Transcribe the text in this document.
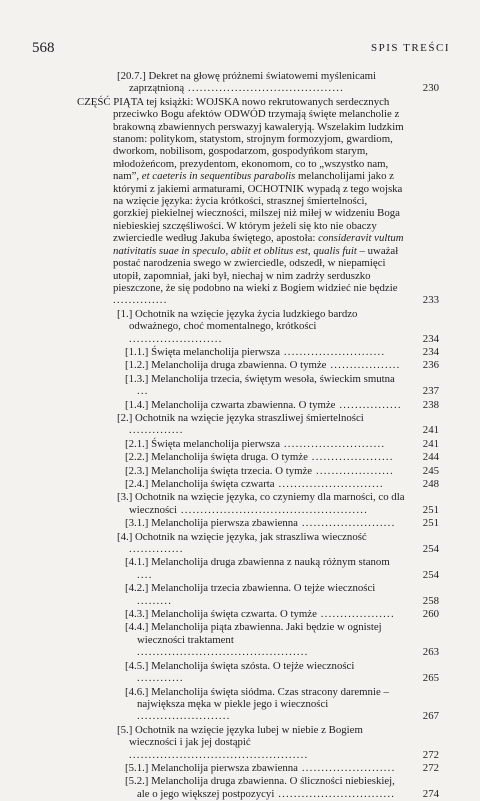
568	SPIS TREŚCI
[20.7.] Dekret na głowę próżnemi światowemi myślenicami zaprzątnioną ........................................	230
CZĘŚĆ PIĄTA tej książki: WOJSKA nowo rekrutowanych serdecznych przeciwko Bogu afektów ODWÓD trzymają święte melancholie z brakowną zbawiennych perswazyj kawaleryją. Wszelakim ludzkim stanom: politykom, statystom, strojnym formozyjom, gwardiom, dworkom, nobilisom, gospodarzom, gospodyńkom starym, młodożeńcom, prezydentom, ekonomom, co to „wszystko nam, nam”, et caeteris in sequentibus parabolis melancholijami jako z którymi z jakiemi armaturami, OCHOTNIK wypadą z tego wojska na wzięcie języka: życia krótkości, strasznej śmiertelności, gorzkiej piekielnej wieczności, milszej niż miłej w widzeniu Boga niebieskiej szczęśliwości. W którym jeżeli się kto nie obaczy zwierciedle według Jakuba świętego, apostoła: consideravit vultum nativitatis suae in speculo, abiit et oblitus est, qualis fuit – uważał postać narodzenia swego w zwierciedle, odszedł, w niepamięci utopił, zapomniał, jaki był, niechaj w nim zadrży serduszko pieszczone, że się podobno na wieki z Bogiem widzieć nie będzie ..............	233
[1.] Ochotnik na wzięcie języka życia ludzkiego bardzo odważnego, choć momentalnego, krótkości ........................	234
[1.1.] Święta melancholija pierwsza ..........................	234
[1.2.] Melancholija druga zbawienna. O tymże ..................	236
[1.3.] Melancholija trzecia, świętym wesoła, świeckim smutna ...	237
[1.4.] Melancholija czwarta zbawienna. O tymże ................	238
[2.] Ochotnik na wzięcie języka straszliwej śmiertelności ..............	241
[2.1.] Święta melancholija pierwsza ..........................	241
[2.2.] Melancholija święta druga. O tymże .....................	244
[2.3.] Melancholija święta trzecia. O tymże ....................	245
[2.4.] Melancholija święta czwarta ...........................	248
[3.] Ochotnik na wzięcie języka, co czyniemy dla marności, co dla wieczności ................................................	251
[3.1.] Melancholija pierwsza zbawienna ........................	251
[4.] Ochotnik na wzięcie języka, jak straszliwa wieczność ..............	254
[4.1.] Melancholija druga zbawienna z nauką różnym stanom ....	254
[4.2.] Melancholija trzecia zbawienna. O tejże wieczności .........	258
[4.3.] Melancholija święta czwarta. O tymże ...................	260
[4.4.] Melancholija piąta zbawienna. Jaki będzie w ognistej wieczności traktament ............................................	263
[4.5.] Melancholija święta szósta. O tejże wieczności ............	265
[4.6.] Melancholija święta siódma. Czas stracony daremnie – największa męka w piekle jego i wieczności ........................	267
[5.] Ochotnik na wzięcie języka lubej w niebie z Bogiem wieczności i jak jej dostąpić ..............................................	272
[5.1.] Melancholija pierwsza zbawienna ........................	272
[5.2.] Melancholija druga zbawienna. O śliczności niebieskiej, ale o jego większej postpozycyi ..............................	274
